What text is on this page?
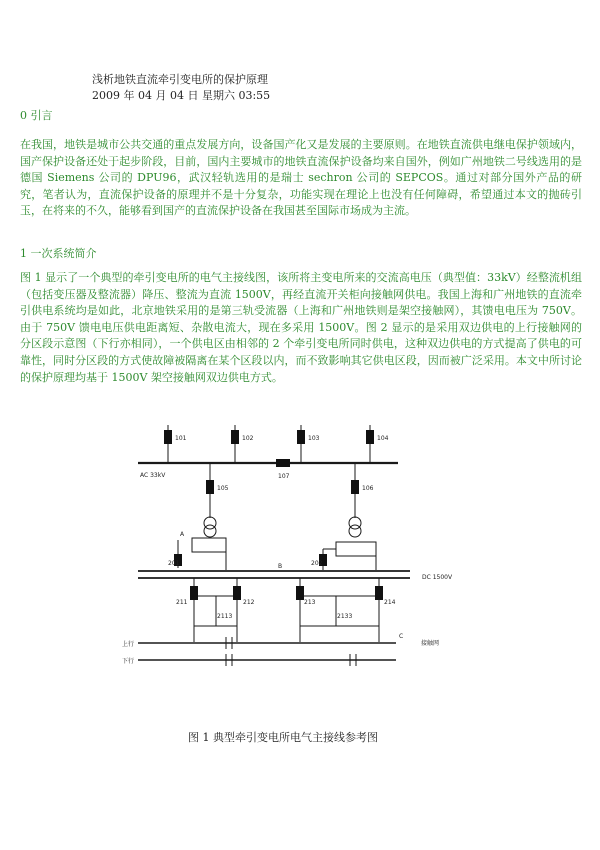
浅析地铁直流牵引变电所的保护原理
2009 年 04 月 04 日 星期六 03:55
0 引言
在我国，地铁是城市公共交通的重点发展方向，设备国产化又是发展的主要原则。在地铁直流供电继电保护领域内，国产保护设备还处于起步阶段，目前，国内主要城市的地铁直流保护设备均来自国外，例如广州地铁二号线选用的是德国 Siemens 公司的 DPU96，武汉轻轨选用的是瑞士 sechron 公司的 SEPCOS。通过对部分国外产品的研究，笔者认为，直流保护设备的原理并不是十分复杂，功能实现在理论上也没有任何障碍，希望通过本文的抛砖引玉，在将来的不久，能够看到国产的直流保护设备在我国甚至国际市场成为主流。
1 一次系统简介
图 1 显示了一个典型的牵引变电所的电气主接线图，该所将主变电所来的交流高电压（典型值：33kV）经整流机组（包括变压器及整流器）降压、整流为直流 1500V，再经直流开关柜向接触网供电。我国上海和广州地铁的直流牵引供电系统均是如此，北京地铁采用的是第三轨受流器（上海和广州地铁则是架空接触网），其馈电电压为 750V。由于 750V 馈电电压供电距离短、杂散电流大，现在多采用 1500V。图 2 显示的是采用双边供电的上行接触网的分区段示意图（下行亦相同），一个供电区由相邻的 2 个牵引变电所同时供电，这种双边供电的方式提高了供电的可靠性，同时分区段的方式使故障被隔离在某个区段以内，而不致影响其它供电区段，因而被广泛采用。本文中所讨论的保护原理均基于 1500V 架空接触网双边供电方式。
101	102	103	104
AC 33kV	107
105	106
A
201	B	202
DC 1500V
211	212	213	214
2113	2133
C
接触网
上行
下行
图 1 典型牵引变电所电气主接线参考图
